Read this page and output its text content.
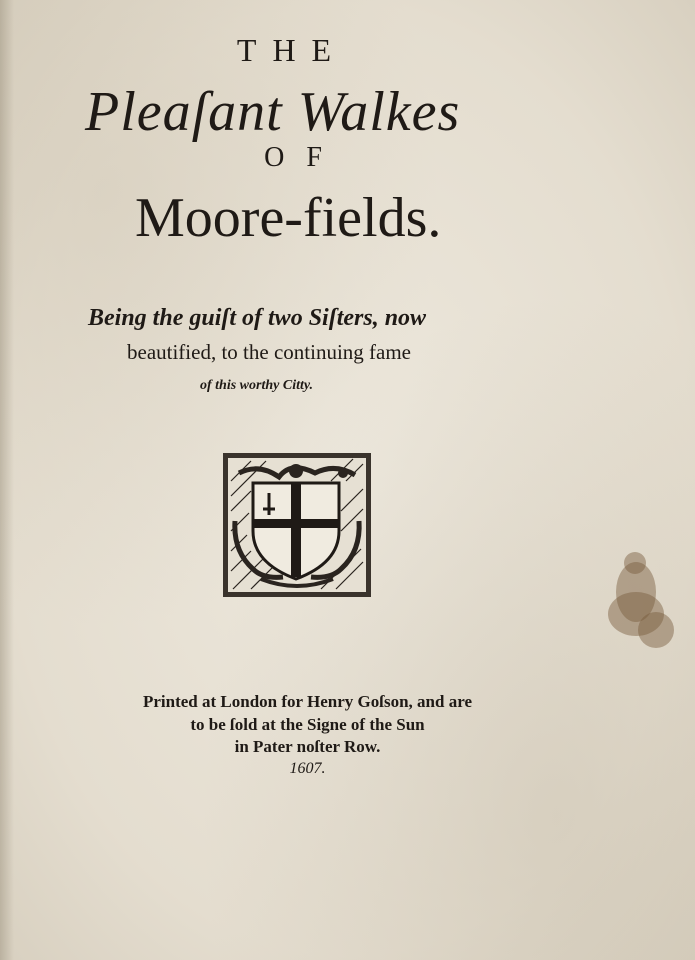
THE
Pleaſant Walkes
OF
Moore-fields.
Being the guiſt of two Siſters, now
beautified, to the continuing fame
of this worthy Citty.
Printed at London for Henry Goſson, and are
to be ſold at the Signe of the Sun
in Pater noſter Row.
1607.
